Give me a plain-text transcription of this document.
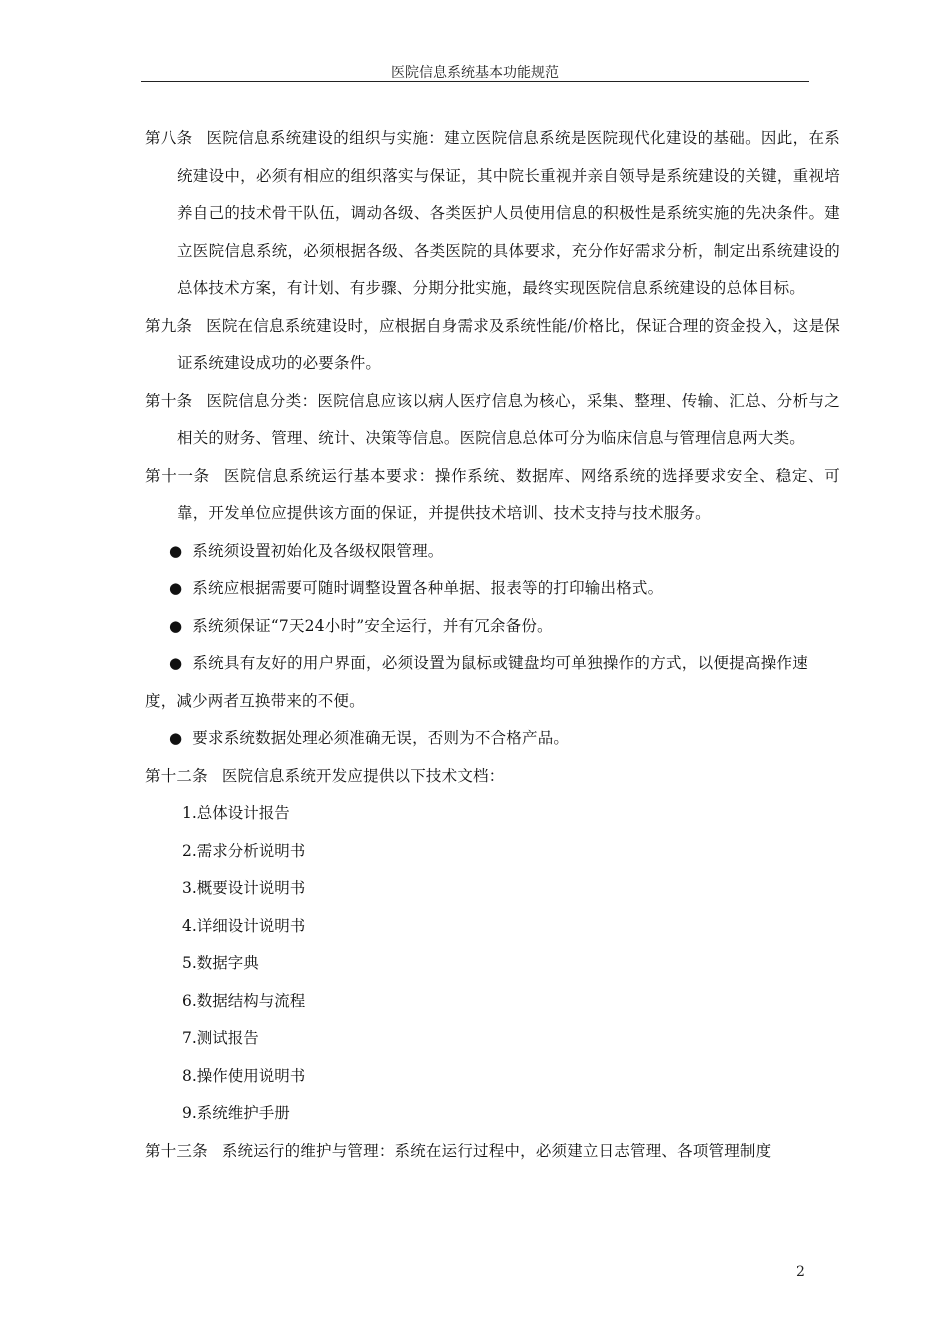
医院信息系统基本功能规范

第八条 医院信息系统建设的组织与实施：建立医院信息系统是医院现代化建设的基础。因此，在系统建设中，必须有相应的组织落实与保证，其中院长重视并亲自领导是系统建设的关键，重视培养自己的技术骨干队伍，调动各级、各类医护人员使用信息的积极性是系统实施的先决条件。建立医院信息系统，必须根据各级、各类医院的具体要求，充分作好需求分析，制定出系统建设的总体技术方案，有计划、有步骤、分期分批实施，最终实现医院信息系统建设的总体目标。

第九条 医院在信息系统建设时，应根据自身需求及系统性能/价格比，保证合理的资金投入，这是保证系统建设成功的必要条件。

第十条 医院信息分类：医院信息应该以病人医疗信息为核心，采集、整理、传输、汇总、分析与之相关的财务、管理、统计、决策等信息。医院信息总体可分为临床信息与管理信息两大类。

第十一条 医院信息系统运行基本要求：操作系统、数据库、网络系统的选择要求安全、稳定、可靠，开发单位应提供该方面的保证，并提供技术培训、技术支持与技术服务。

● 系统须设置初始化及各级权限管理。

● 系统应根据需要可随时调整设置各种单据、报表等的打印输出格式。

● 系统须保证“7天24小时”安全运行，并有冗余备份。

● 系统具有友好的用户界面，必须设置为鼠标或键盘均可单独操作的方式，以便提高操作速度，减少两者互换带来的不便。

● 要求系统数据处理必须准确无误，否则为不合格产品。

第十二条 医院信息系统开发应提供以下技术文档：

1.总体设计报告

2.需求分析说明书

3.概要设计说明书

4.详细设计说明书

5.数据字典

6.数据结构与流程

7.测试报告

8.操作使用说明书

9.系统维护手册

第十三条 系统运行的维护与管理：系统在运行过程中，必须建立日志管理、各项管理制度

2
